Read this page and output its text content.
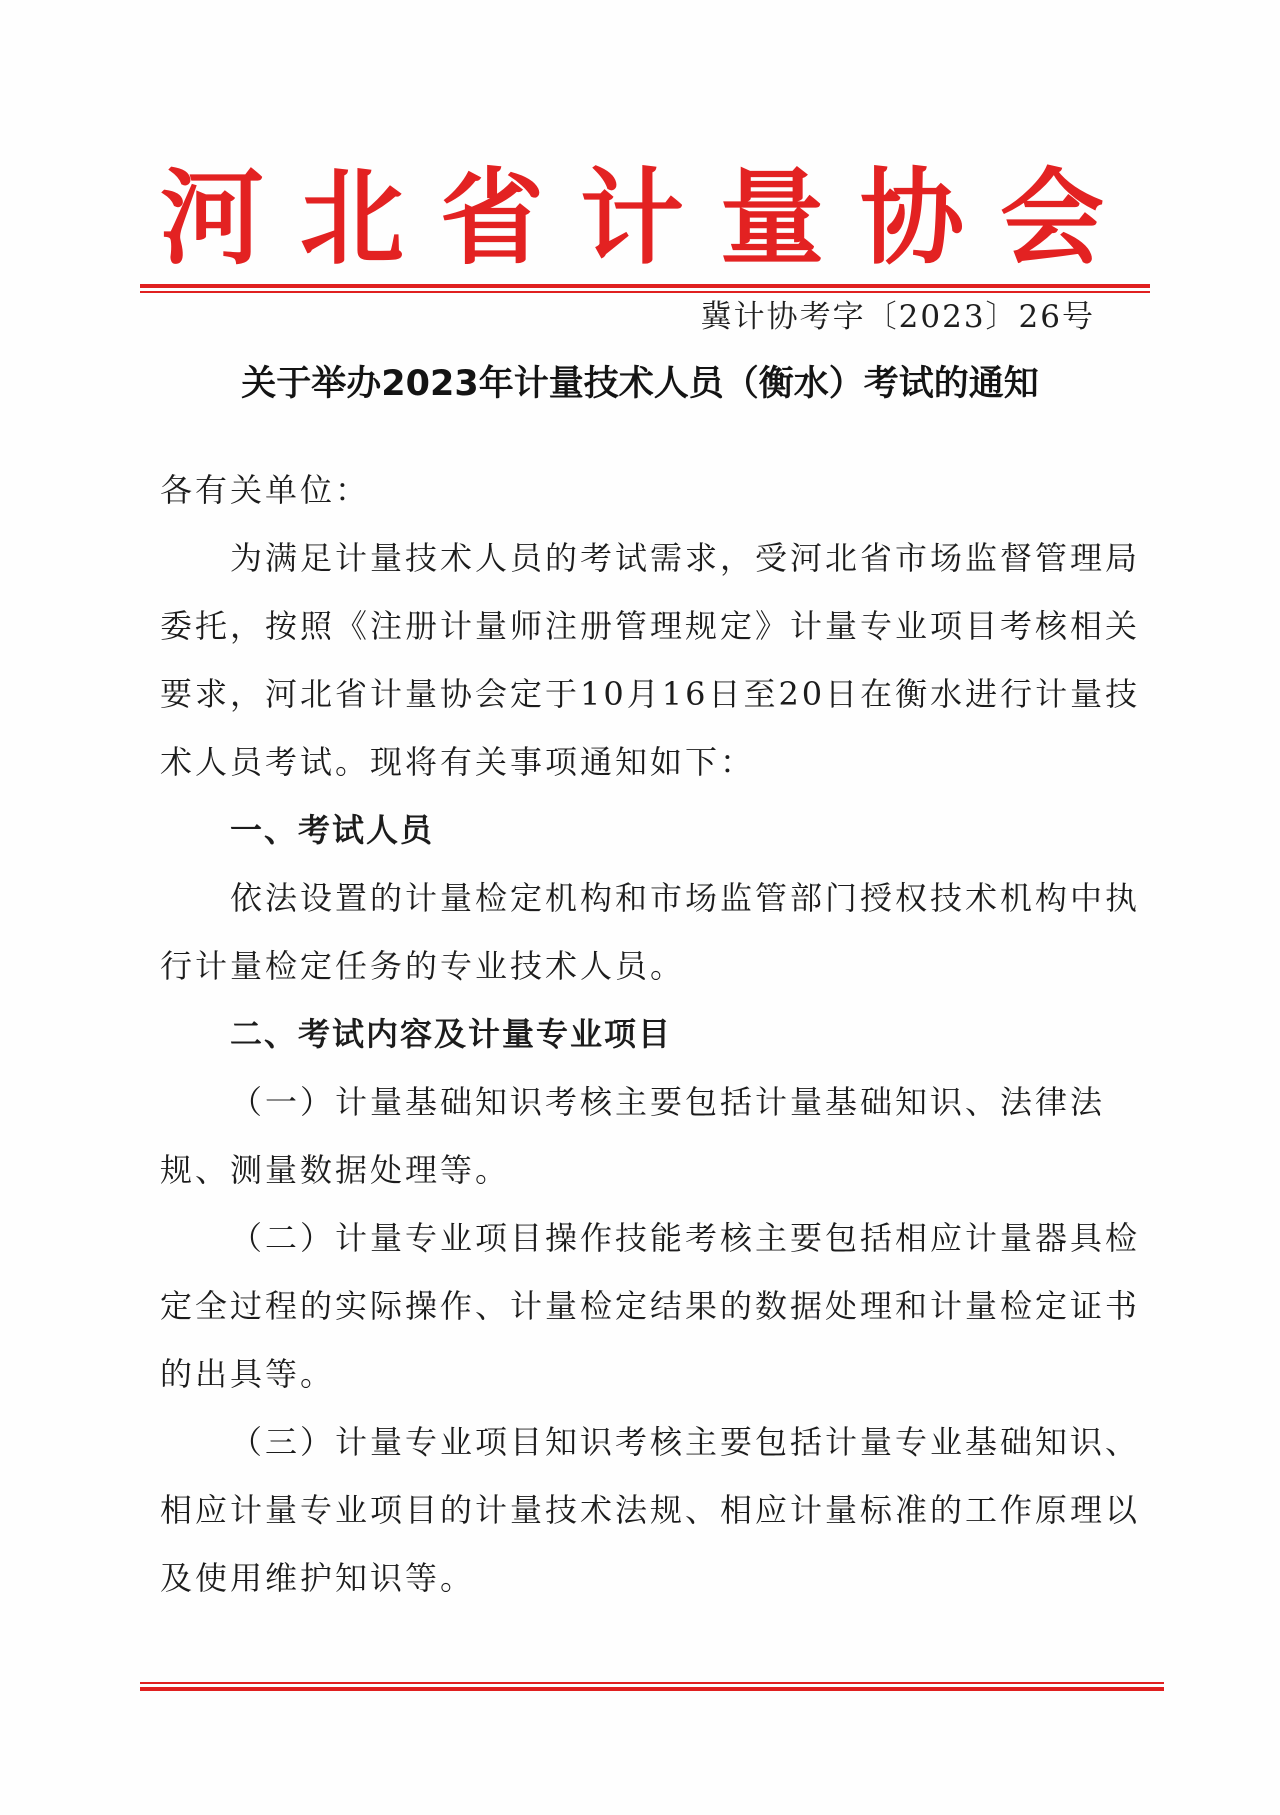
河北省计量协会
冀计协考字〔2023〕26号
关于举办2023年计量技术人员（衡水）考试的通知

各有关单位：

为满足计量技术人员的考试需求，受河北省市场监督管理局委托，按照《注册计量师注册管理规定》计量专业项目考核相关要求，河北省计量协会定于10月16日至20日在衡水进行计量技术人员考试。现将有关事项通知如下：

一、考试人员

依法设置的计量检定机构和市场监管部门授权技术机构中执行计量检定任务的专业技术人员。

二、考试内容及计量专业项目

（一）计量基础知识考核主要包括计量基础知识、法律法规、测量数据处理等。

（二）计量专业项目操作技能考核主要包括相应计量器具检定全过程的实际操作、计量检定结果的数据处理和计量检定证书的出具等。

（三）计量专业项目知识考核主要包括计量专业基础知识、相应计量专业项目的计量技术法规、相应计量标准的工作原理以及使用维护知识等。
